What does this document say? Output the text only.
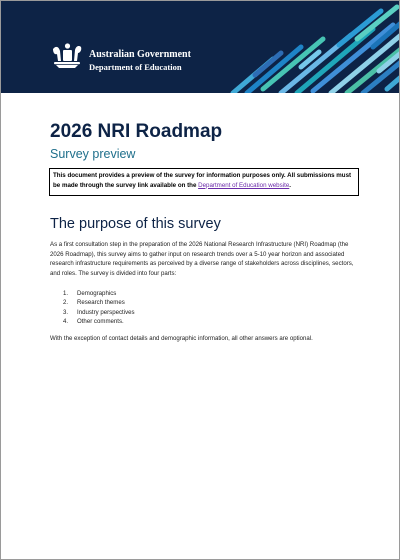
Australian Government
Department of Education
2026 NRI Roadmap
Survey preview
This document provides a preview of the survey for information purposes only. All submissions must be made through the survey link available on the Department of Education website.
The purpose of this survey

As a first consultation step in the preparation of the 2026 National Research Infrastructure (NRI) Roadmap (the 2026 Roadmap), this survey aims to gather input on research trends over a 5-10 year horizon and associated research infrastructure requirements as perceived by a diverse range of stakeholders across disciplines, sectors, and roles. The survey is divided into four parts:

1.	Demographics
2.	Research themes
3.	Industry perspectives
4.	Other comments.

With the exception of contact details and demographic information, all other answers are optional.
